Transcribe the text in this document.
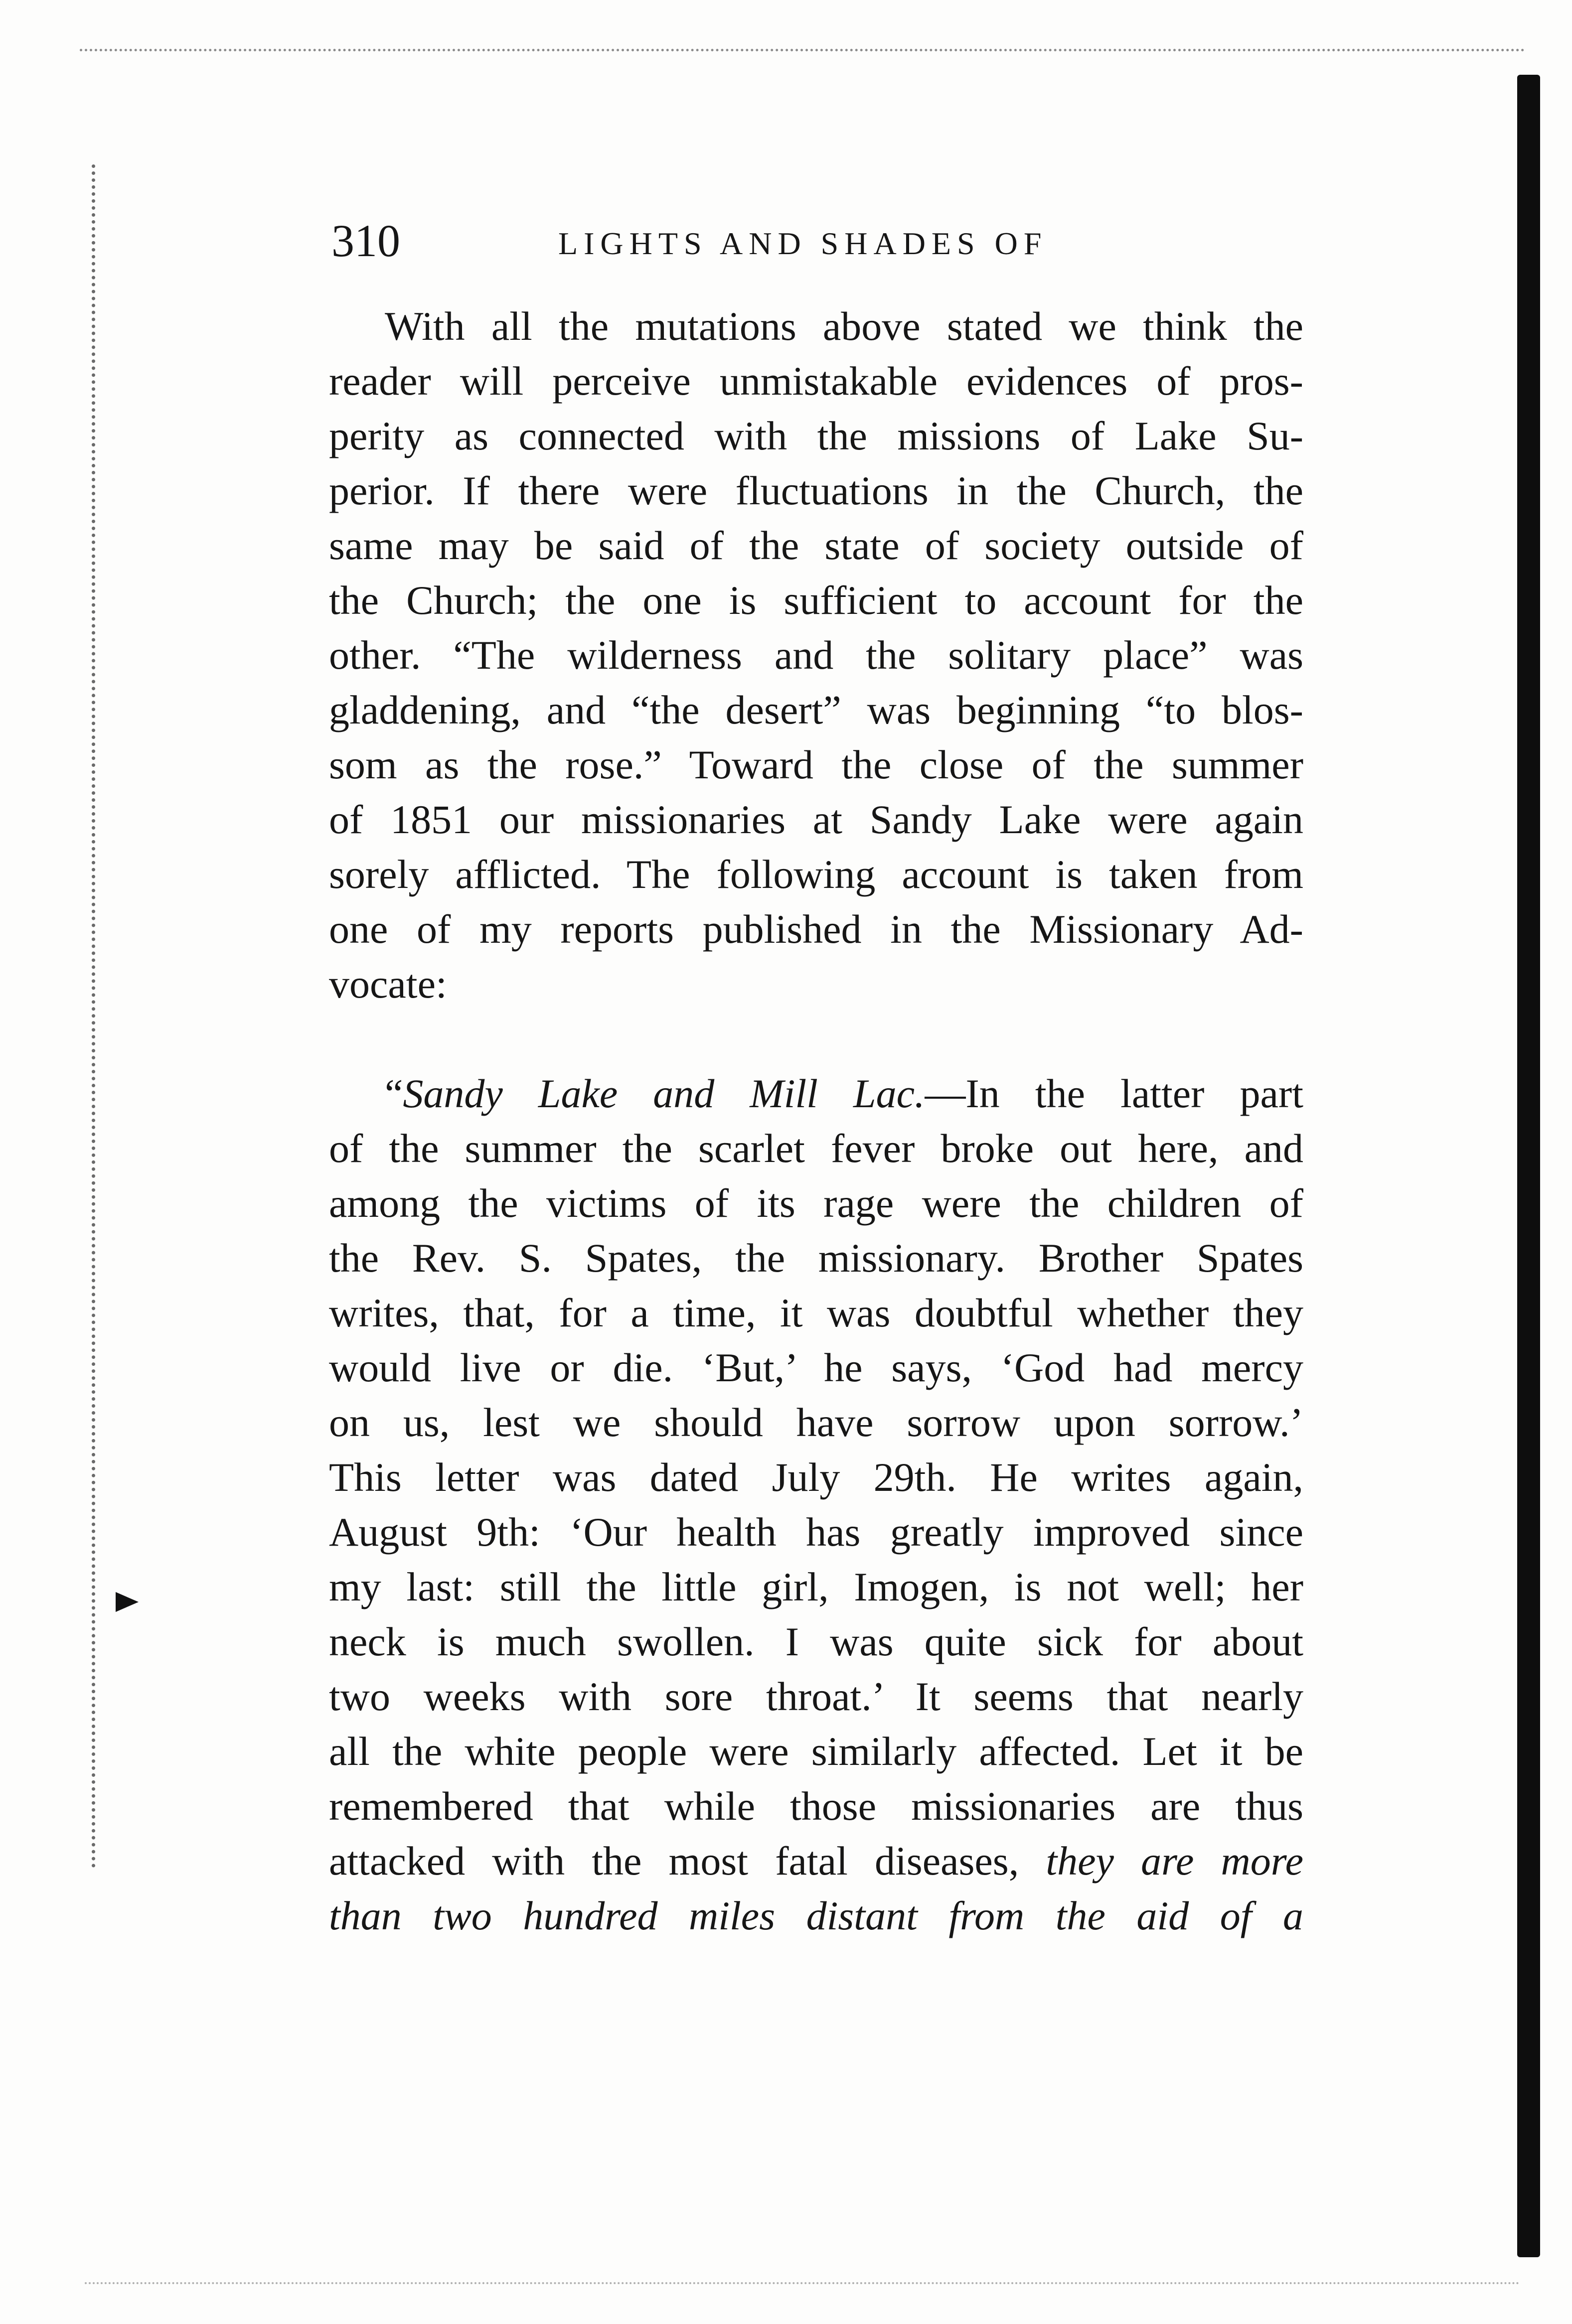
310	LIGHTS AND SHADES OF
With all the mutations above stated we think the
reader will perceive unmistakable evidences of pros-
perity as connected with the missions of Lake Su-
perior. If there were fluctuations in the Church, the
same may be said of the state of society outside of
the Church; the one is sufficient to account for the
other. “The wilderness and the solitary place” was
gladdening, and “the desert” was beginning “to blos-
som as the rose.” Toward the close of the summer
of 1851 our missionaries at Sandy Lake were again
sorely afflicted. The following account is taken from
one of my reports published in the Missionary Ad-
vocate:
“Sandy Lake and Mill Lac.—In the latter part
of the summer the scarlet fever broke out here, and
among the victims of its rage were the children of
the Rev. S. Spates, the missionary. Brother Spates
writes, that, for a time, it was doubtful whether they
would live or die. ‘But,’ he says, ‘God had mercy
on us, lest we should have sorrow upon sorrow.’
This letter was dated July 29th. He writes again,
August 9th: ‘Our health has greatly improved since
my last: still the little girl, Imogen, is not well; her
neck is much swollen. I was quite sick for about
two weeks with sore throat.’ It seems that nearly
all the white people were similarly affected. Let it be
remembered that while those missionaries are thus
attacked with the most fatal diseases, they are more
than two hundred miles distant from the aid of a
